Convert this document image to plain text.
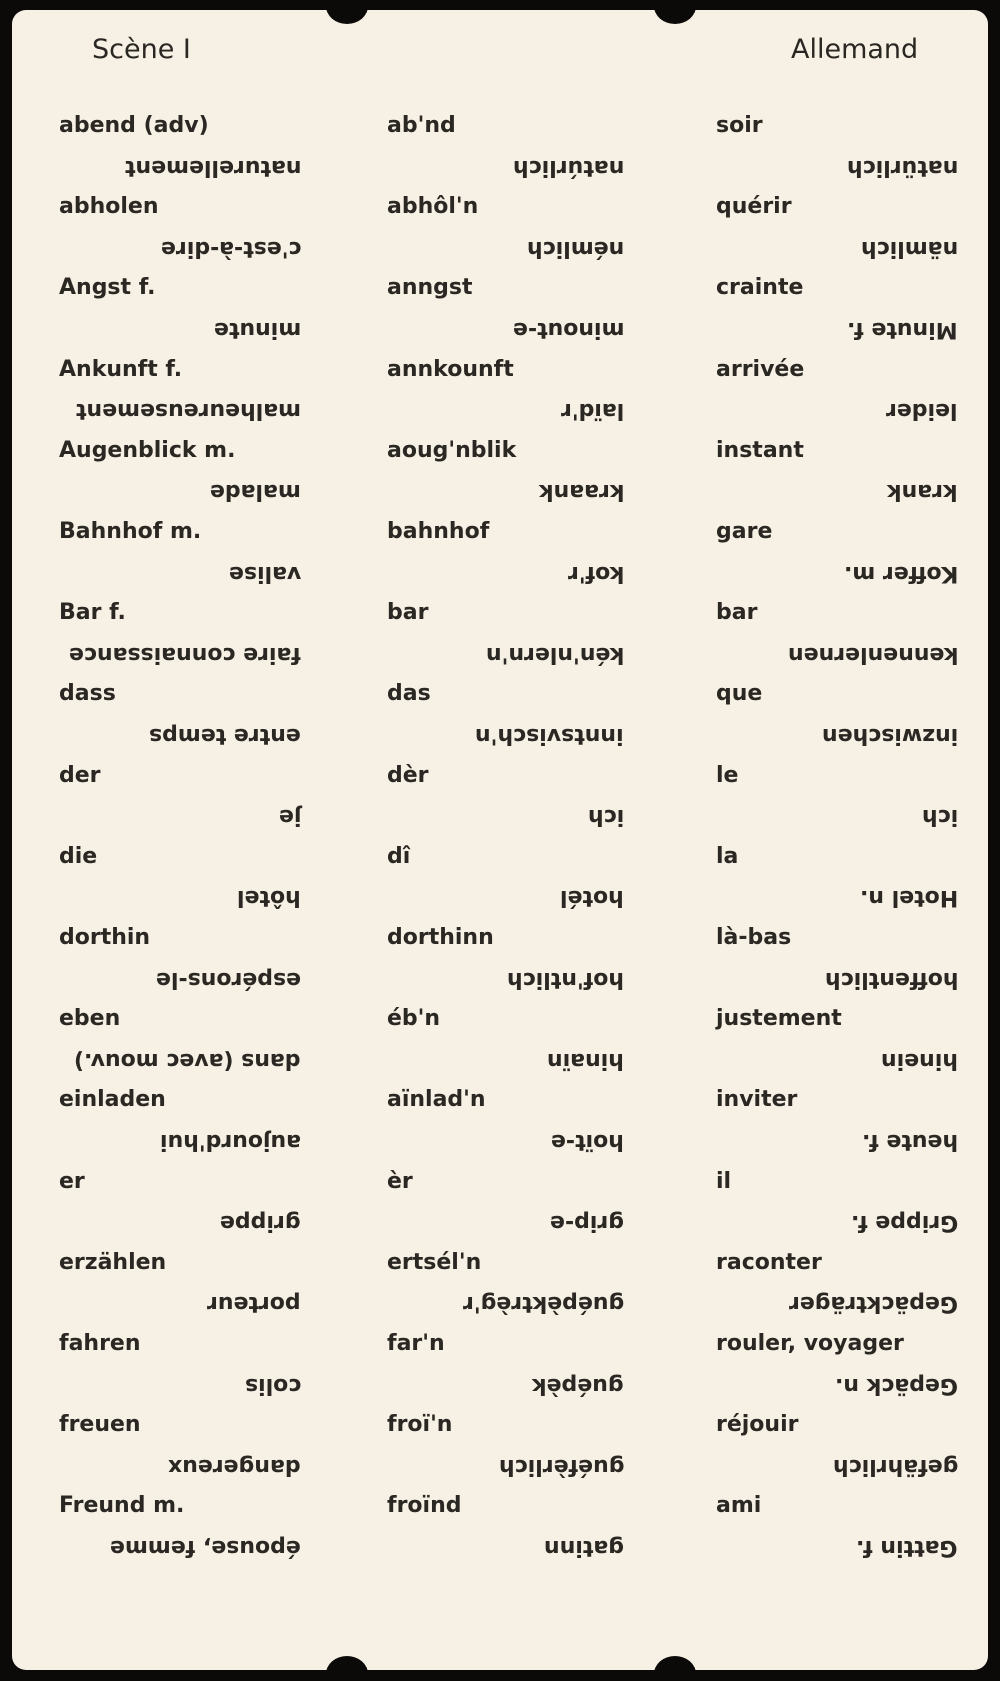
Scène I	Allemand
abend (adv)	ab'nd	soir
naturellement	natúrlich	natürlich
abholen	abhôl'n	quérir
c'est-à-dire	némlich	nämlich
Angst f.	anngst	crainte
minute	minout-e	Minute f.
Ankunft f.	annkounft	arrivée
malheureusement	laïd'r	leider
Augenblick m.	aoug'nblik	instant
malade	kraank	krank
Bahnhof m.	bahnhof	gare
valise	kof'r	Koffer m.
Bar f.	bar	bar
faire connaissance	kén'nlern'n	kennenlernen
dass	das	que
entre temps	inntsvisch'n	inzwischen
der	dèr	le
je	ich	ich
die	dî	la
hôtel	hotél	Hotel n.
dorthin	dorthinn	là-bas
espérons-le	hof'ntlich	hoffentlich
eben	éb'n	justement
dans (avec mouv.)	hinaïn	hinein
einladen	aïnlad'n	inviter
aujourd'hui	hoït-e	heute f.
er	èr	il
grippe	grip-e	Grippe f.
erzählen	ertsél'n	raconter
porteur	guépèktrèg'r	Gepäckträger
fahren	far'n	rouler, voyager
colis	guépèk	Gepäck n.
freuen	froï'n	réjouir
dangereux	guéfèrlich	gefährlich
Freund m.	froïnd	ami
épouse, femme	gatinn	Gattin f.
